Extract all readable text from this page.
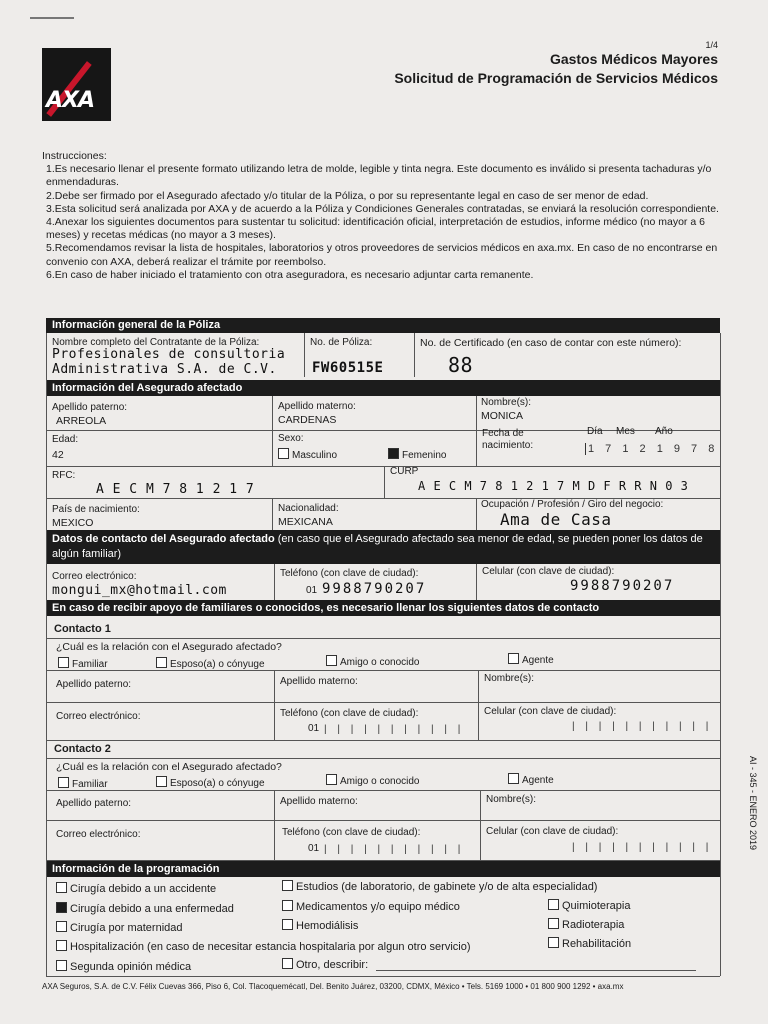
AXA
1/4
Gastos Médicos Mayores
Solicitud de Programación de Servicios Médicos

Instrucciones:

1.Es necesario llenar el presente formato utilizando letra de molde, legible y tinta negra. Este documento es inválido si presenta tachaduras y/o enmendaduras.

2.Debe ser firmado por el Asegurado afectado y/o titular de la Póliza, o por su representante legal en caso de ser menor de edad.

3.Esta solicitud será analizada por AXA y de acuerdo a la Póliza y Condiciones Generales contratadas, se enviará la resolución correspondiente.

4.Anexar los siguientes documentos para sustentar tu solicitud: identificación oficial, interpretación de estudios, informe médico (no mayor a 6 meses) y recetas médicas (no mayor a 3 meses).

5.Recomendamos revisar la lista de hospitales, laboratorios y otros proveedores de servicios médicos en axa.mx. En caso de no encontrarse en convenio con AXA, deberá realizar el trámite por reembolso.

6.En caso de haber iniciado el tratamiento con otra aseguradora, es necesario adjuntar carta remanente.

Información general de la Póliza
Nombre completo del Contratante de la Póliza:
Profesionales de consultoria
Administrativa S.A. de C.V.
No. de Póliza:
FW60515E
No. de Certificado (en caso de contar con este número):
88
Información del Asegurado afectado
Apellido paterno:
ARREOLA
Apellido materno:
CARDENAS
Nombre(s):
MONICA
Edad:
42
Sexo:
Masculino	Femenino
Fecha de
nacimiento:
Día Mes Año
1 7 1 2 1 9 7 8
RFC:
A E C M 7 8 1 2 1 7
CURP
A E C M 7 8 1 2 1 7 M D F R R N 0 3
País de nacimiento:
MEXICO
Nacionalidad:
MEXICANA
Ocupación / Profesión / Giro del negocio:
Ama de Casa
Datos de contacto del Asegurado afectado (en caso que el Asegurado afectado sea menor de edad, se pueden poner los datos de algún familiar)
Correo electrónico:
mongui_mx@hotmail.com
Teléfono (con clave de ciudad):
01 9988790207
Celular (con clave de ciudad):
9988790207
En caso de recibir apoyo de familiares o conocidos, es necesario llenar los siguientes datos de contacto
Contacto 1
¿Cuál es la relación con el Asegurado afectado?
Familiar	Esposo(a) o cónyuge	Amigo o conocido	Agente
Apellido paterno:	Apellido materno:	Nombre(s):
Correo electrónico:	Teléfono (con clave de ciudad):
01 | | | | | | | | | | |
Celular (con clave de ciudad):
| | | | | | | | | | |
Contacto 2
¿Cuál es la relación con el Asegurado afectado?
Familiar	Esposo(a) o cónyuge	Amigo o conocido	Agente
Apellido paterno:	Apellido materno:	Nombre(s):
Correo electrónico:	Teléfono (con clave de ciudad):
01 | | | | | | | | | | |
Celular (con clave de ciudad):
| | | | | | | | | | |
Información de la programación
Cirugía debido a un accidente
Cirugía debido a una enfermedad
Cirugía por maternidad
Hospitalización (en caso de necesitar estancia hospitalaria por algun otro servicio)
Segunda opinión médica
Estudios (de laboratorio, de gabinete y/o de alta especialidad)
Medicamentos y/o equipo médico
Hemodiálisis
Otro, describir:
Quimioterapia
Radioterapia
Rehabilitación
AXA Seguros, S.A. de C.V. Félix Cuevas 366, Piso 6, Col. Tlacoquemécatl, Del. Benito Juárez, 03200, CDMX, México • Tels. 5169 1000 • 01 800 900 1292 • axa.mx
AI - 345 - ENERO 2019
